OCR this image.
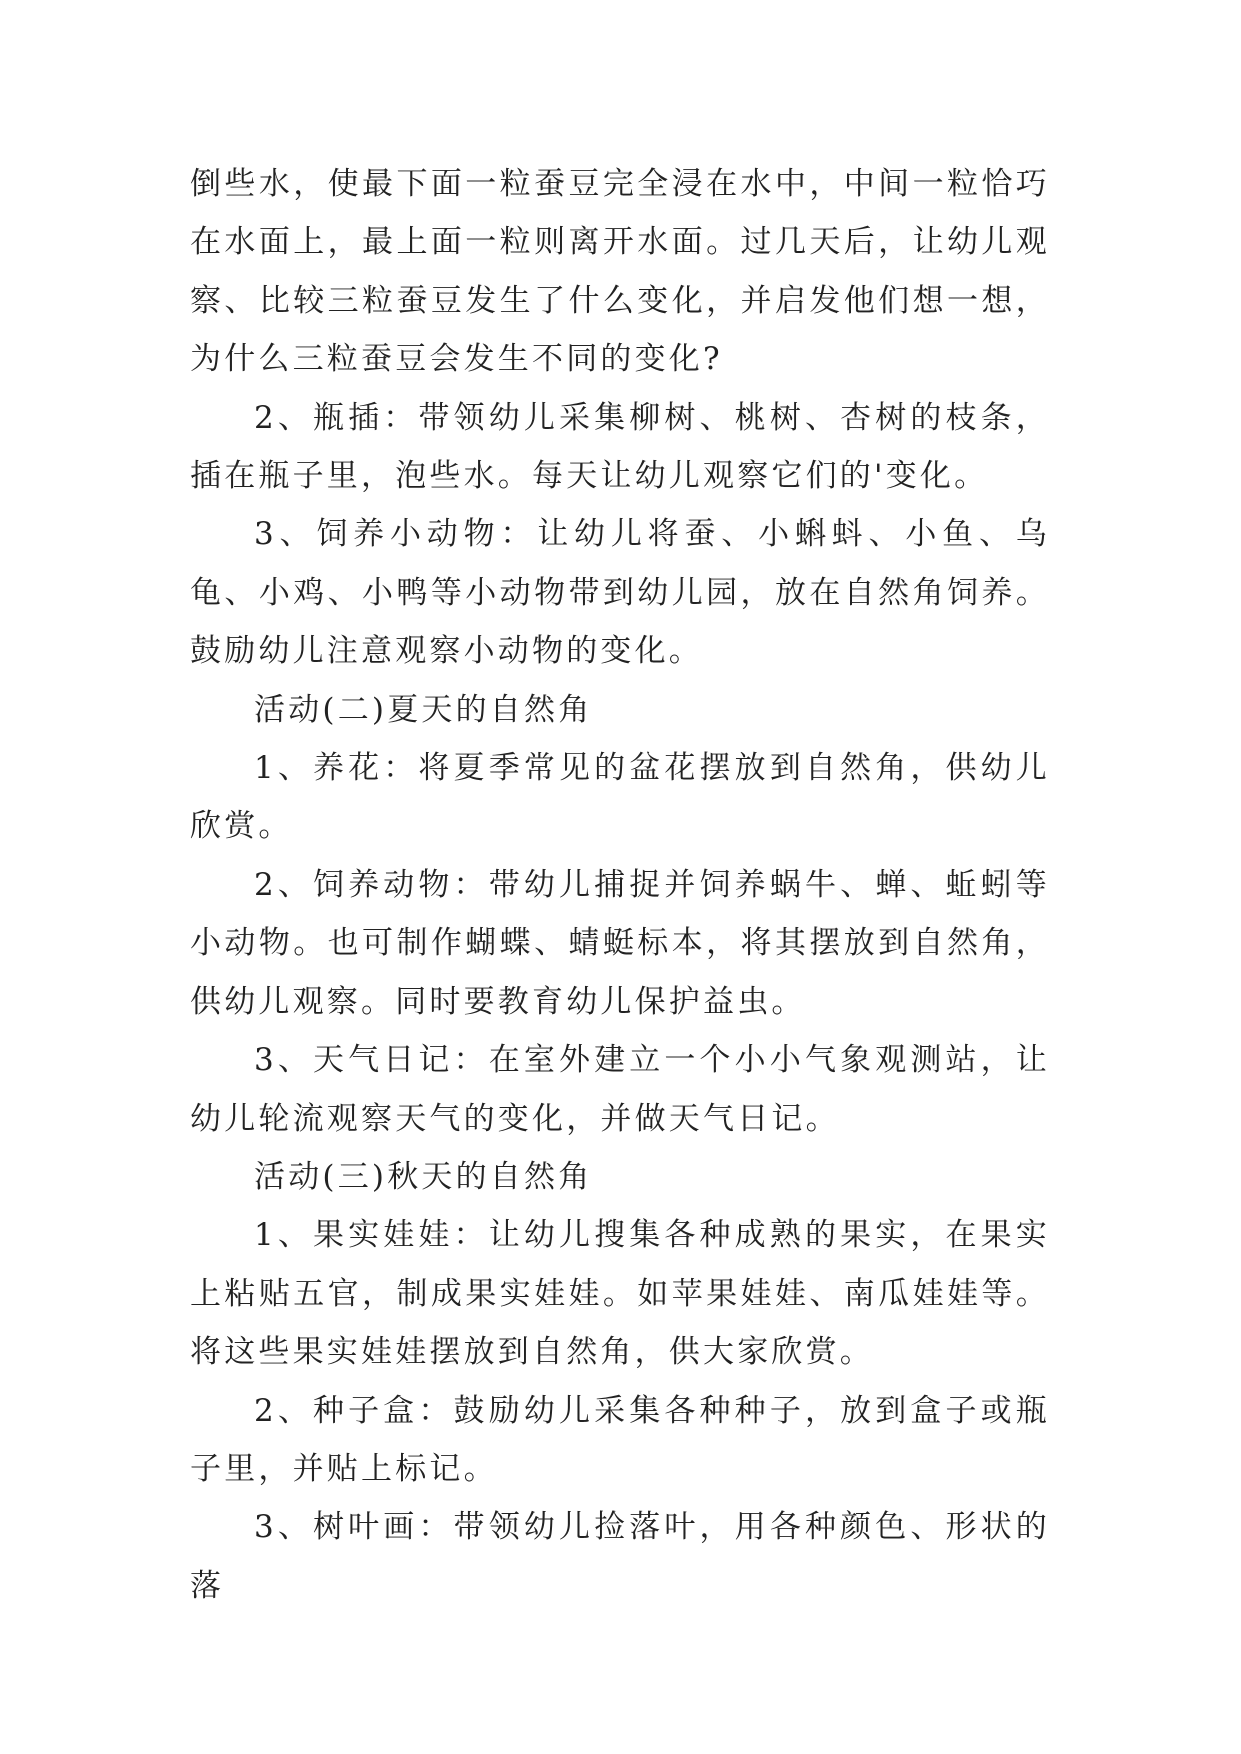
倒些水，使最下面一粒蚕豆完全浸在水中，中间一粒恰巧在水面上，最上面一粒则离开水面。过几天后，让幼儿观察、比较三粒蚕豆发生了什么变化，并启发他们想一想，为什么三粒蚕豆会发生不同的变化?

2、瓶插：带领幼儿采集柳树、桃树、杏树的枝条，插在瓶子里，泡些水。每天让幼儿观察它们的'变化。

3、饲养小动物：让幼儿将蚕、小蝌蚪、小鱼、乌龟、小鸡、小鸭等小动物带到幼儿园，放在自然角饲养。鼓励幼儿注意观察小动物的变化。

活动(二)夏天的自然角

1、养花：将夏季常见的盆花摆放到自然角，供幼儿欣赏。

2、饲养动物：带幼儿捕捉并饲养蜗牛、蝉、蚯蚓等小动物。也可制作蝴蝶、蜻蜓标本，将其摆放到自然角，供幼儿观察。同时要教育幼儿保护益虫。

3、天气日记：在室外建立一个小小气象观测站，让幼儿轮流观察天气的变化，并做天气日记。

活动(三)秋天的自然角

1、果实娃娃：让幼儿搜集各种成熟的果实，在果实上粘贴五官，制成果实娃娃。如苹果娃娃、南瓜娃娃等。将这些果实娃娃摆放到自然角，供大家欣赏。

2、种子盒：鼓励幼儿采集各种种子，放到盒子或瓶子里，并贴上标记。

3、树叶画：带领幼儿捡落叶，用各种颜色、形状的落
